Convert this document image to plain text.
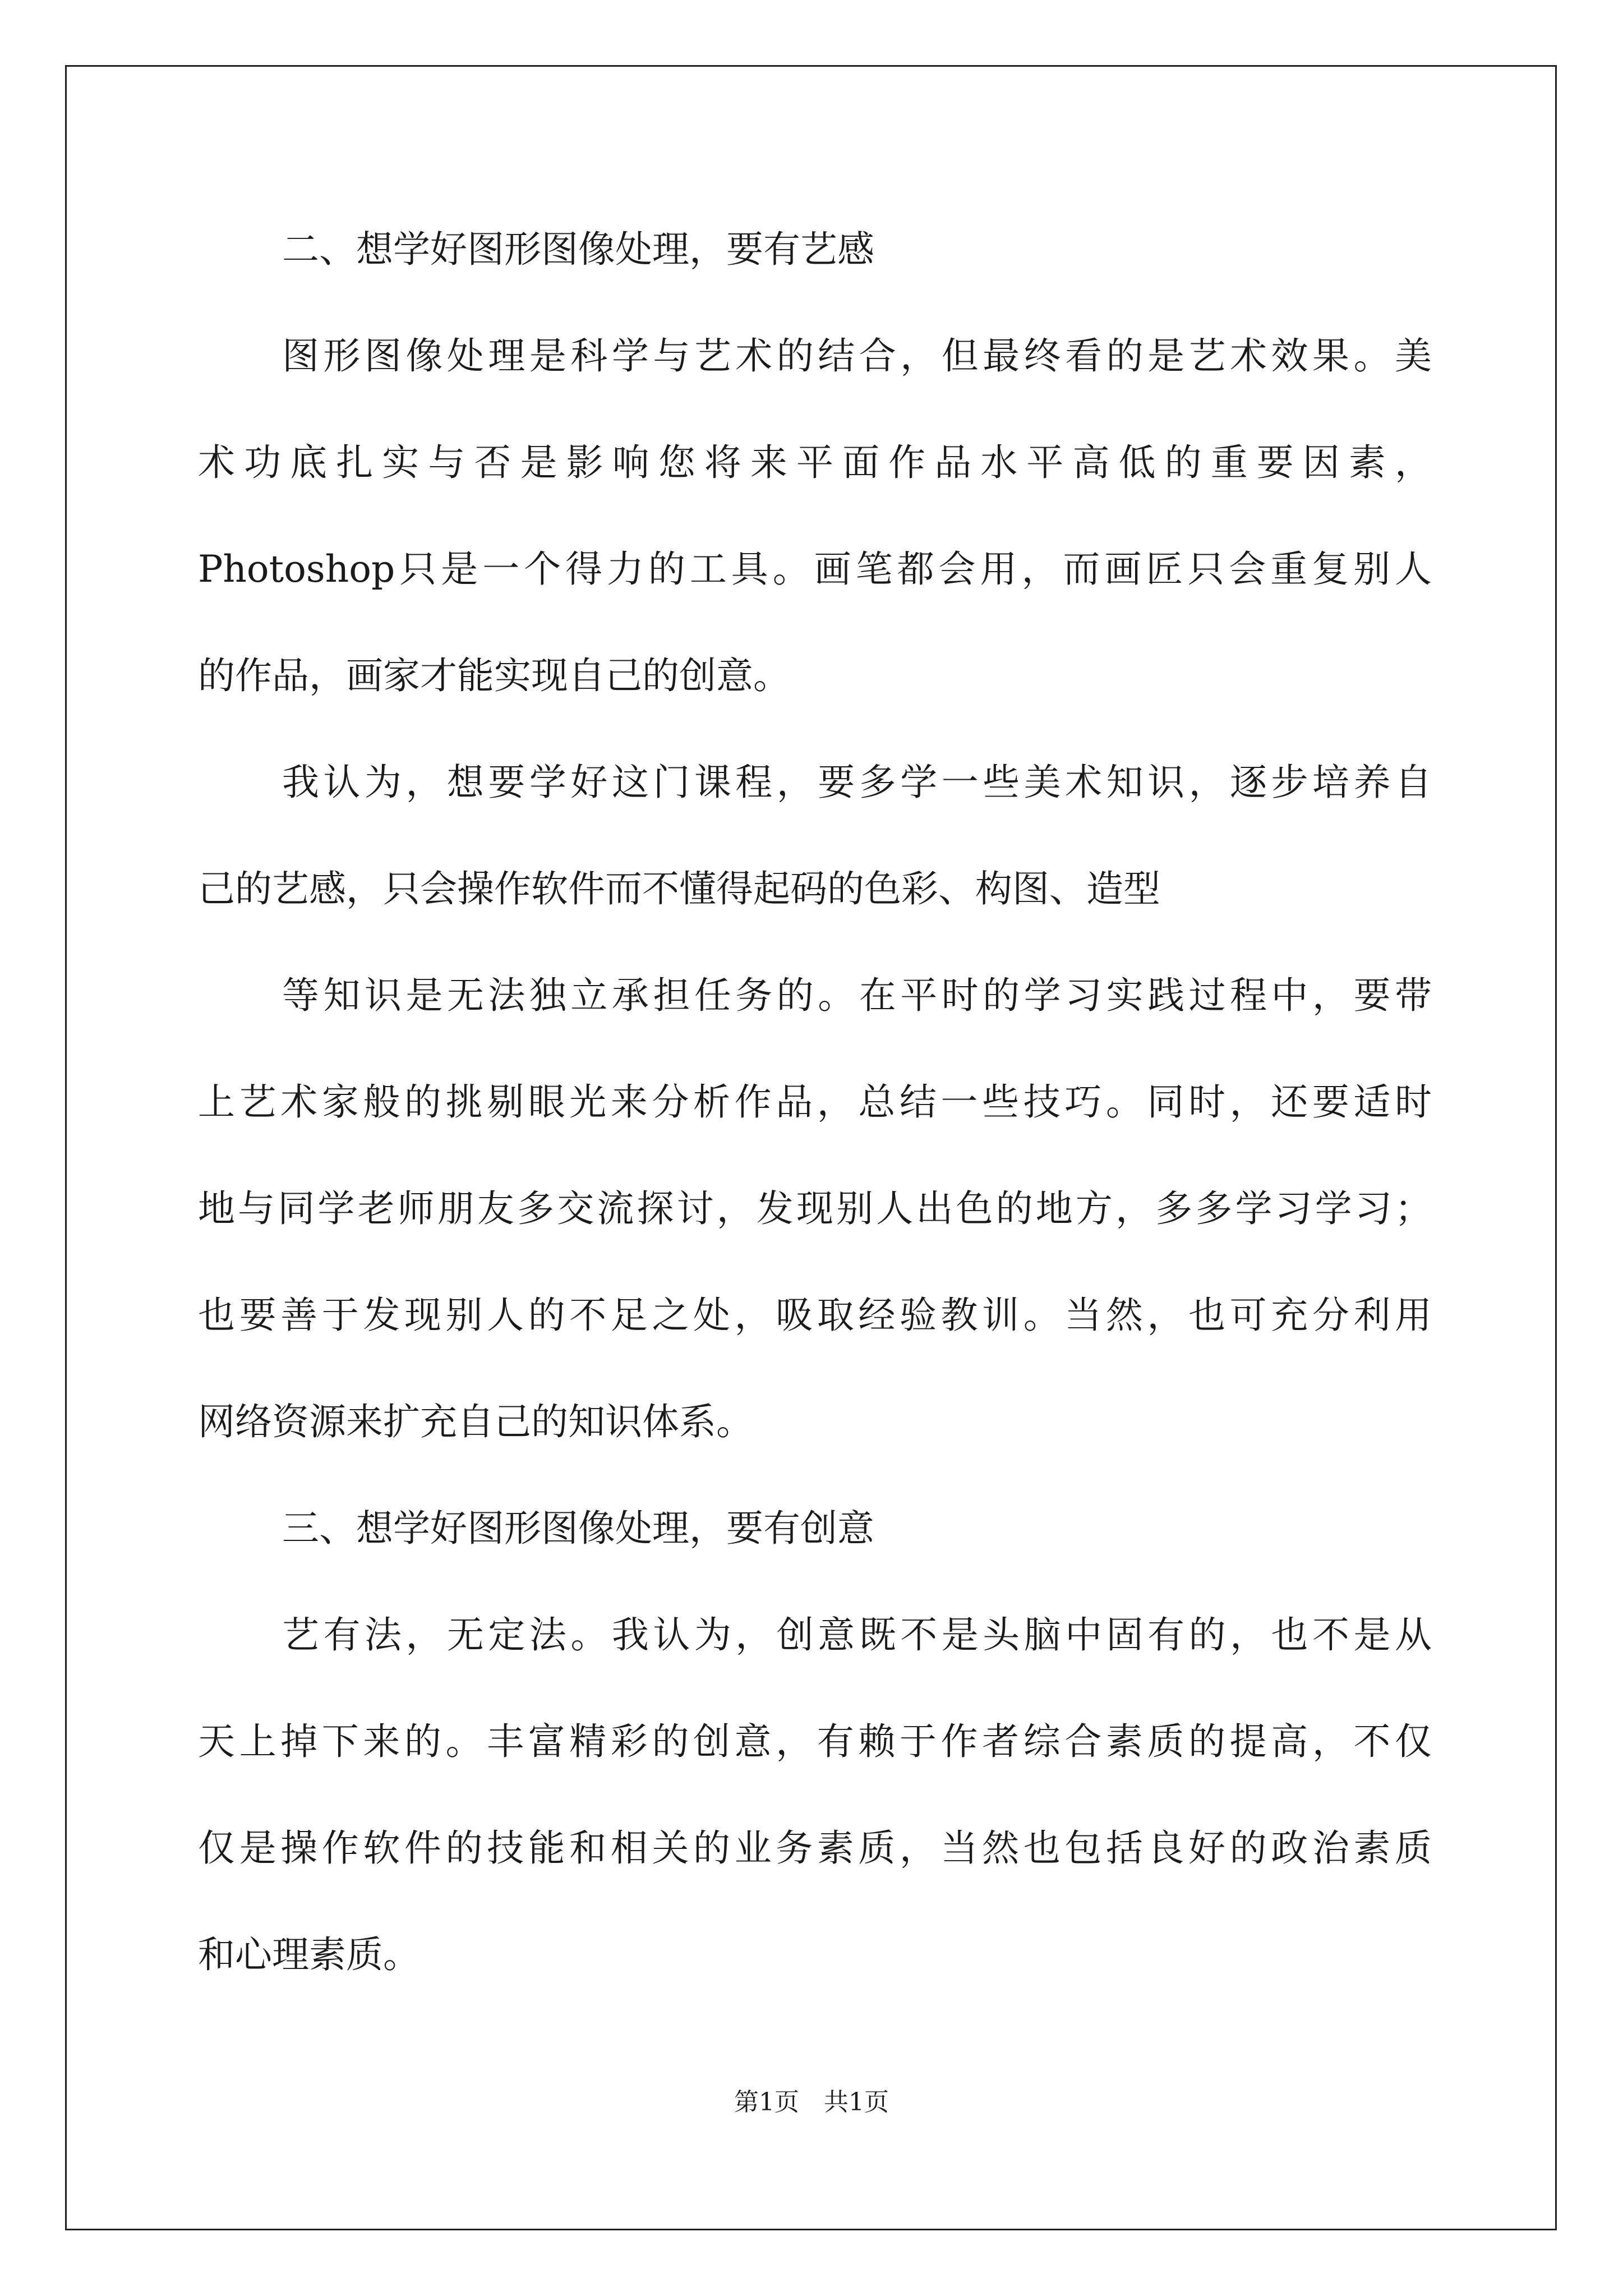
二、想学好图形图像处理，要有艺感
图形图像处理是科学与艺术的结合，但最终看的是艺术效果。美
术功底扎实与否是影响您将来平面作品水平高低的重要因素，
Photoshop只是一个得力的工具。画笔都会用，而画匠只会重复别人
的作品，画家才能实现自己的创意。
我认为，想要学好这门课程，要多学一些美术知识，逐步培养自
己的艺感，只会操作软件而不懂得起码的色彩、构图、造型
等知识是无法独立承担任务的。在平时的学习实践过程中，要带
上艺术家般的挑剔眼光来分析作品，总结一些技巧。同时，还要适时
地与同学老师朋友多交流探讨，发现别人出色的地方，多多学习学习；
也要善于发现别人的不足之处，吸取经验教训。当然，也可充分利用
网络资源来扩充自己的知识体系。
三、想学好图形图像处理，要有创意
艺有法，无定法。我认为，创意既不是头脑中固有的，也不是从
天上掉下来的。丰富精彩的创意，有赖于作者综合素质的提高，不仅
仅是操作软件的技能和相关的业务素质，当然也包括良好的政治素质
和心理素质。
第1页　共1页
